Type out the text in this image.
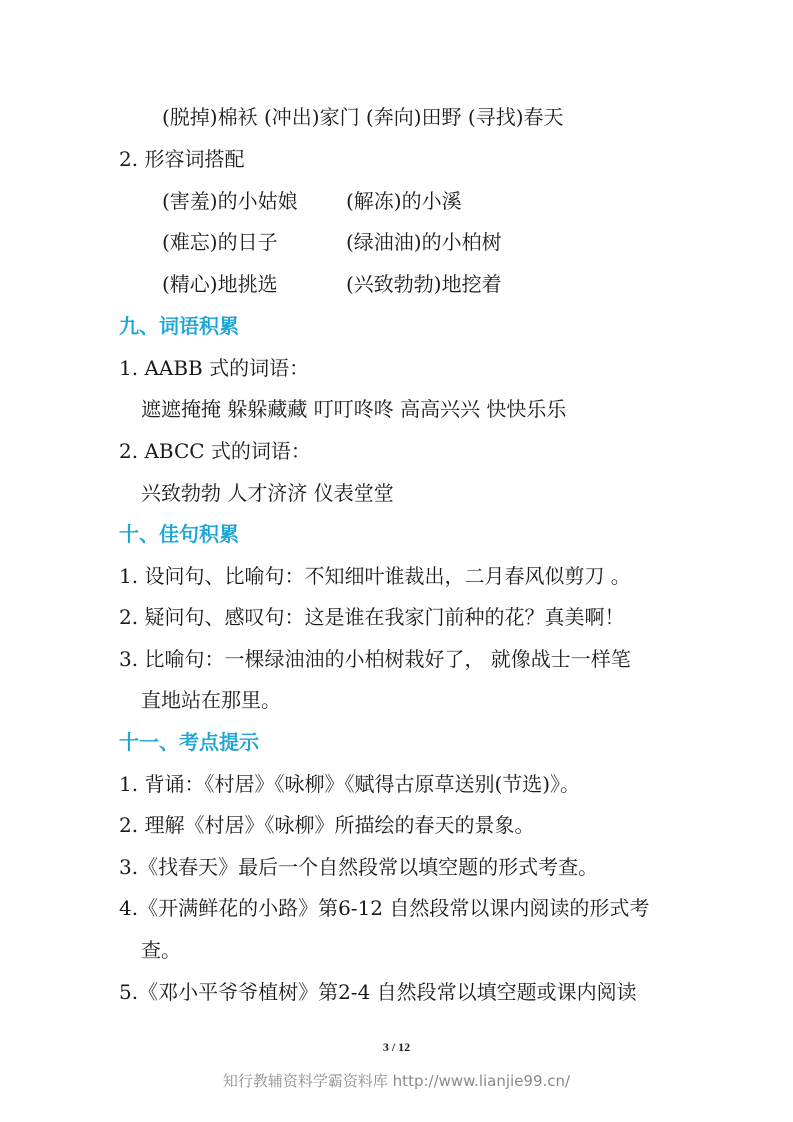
(脱掉)棉袄 (冲出)家门 (奔向)田野 (寻找)春天
2. 形容词搭配
(害羞)的小姑娘 (解冻)的小溪
(难忘)的日子	(绿油油)的小柏树
(精心)地挑选	(兴致勃勃)地挖着
九、词语积累
1. AABB 式的词语：
遮遮掩掩 躲躲藏藏 叮叮咚咚 高高兴兴 快快乐乐
2. ABCC 式的词语：
兴致勃勃 人才济济 仪表堂堂
十、佳句积累
1. 设问句、比喻句：不知细叶谁裁出，二月春风似剪刀 。
2. 疑问句、感叹句：这是谁在我家门前种的花？真美啊！
3. 比喻句：一棵绿油油的小柏树栽好了， 就像战士一样笔
直地站在那里。
十一、考点提示
1. 背诵：《村居》《咏柳》《赋得古原草送别(节选)》。
2. 理解《村居》《咏柳》所描绘的春天的景象。
3.《找春天》最后一个自然段常以填空题的形式考查。
4.《开满鲜花的小路》第6-12 自然段常以课内阅读的形式考
查。
5.《邓小平爷爷植树》第2-4 自然段常以填空题或课内阅读
3 / 12
知行教辅资料学霸资料库 http://www.lianjie99.cn/
